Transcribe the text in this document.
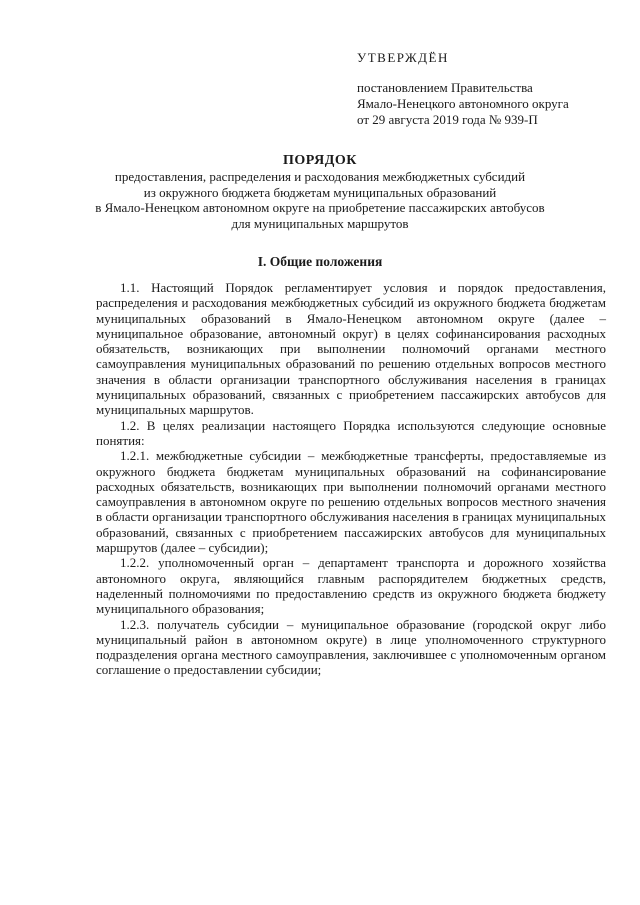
УТВЕРЖДЁН
постановлением Правительства
Ямало-Ненецкого автономного округа
от 29 августа 2019 года № 939-П
ПОРЯДОК
предоставления, распределения и расходования межбюджетных субсидий
из окружного бюджета бюджетам муниципальных образований
в Ямало-Ненецком автономном округе на приобретение пассажирских автобусов
для муниципальных маршрутов
I. Общие положения

1.1. Настоящий Порядок регламентирует условия и порядок предоставления, распределения и расходования межбюджетных субсидий из окружного бюджета бюджетам муниципальных образований в Ямало-Ненецком автономном округе (далее – муниципальное образование, автономный округ) в целях софинансирования расходных обязательств, возникающих при выполнении полномочий органами местного самоуправления муниципальных образований по решению отдельных вопросов местного значения в области организации транспортного обслуживания населения в границах муниципальных образований, связанных с приобретением пассажирских автобусов для муниципальных маршрутов.

1.2. В целях реализации настоящего Порядка используются следующие основные понятия:

1.2.1. межбюджетные субсидии – межбюджетные трансферты, предоставляемые из окружного бюджета бюджетам муниципальных образований на софинансирование расходных обязательств, возникающих при выполнении полномочий органами местного самоуправления в автономном округе по решению отдельных вопросов местного значения в области организации транспортного обслуживания населения в границах муниципальных образований, связанных с приобретением пассажирских автобусов для муниципальных маршрутов (далее – субсидии);

1.2.2. уполномоченный орган – департамент транспорта и дорожного хозяйства автономного округа, являющийся главным распорядителем бюджетных средств, наделенный полномочиями по предоставлению средств из окружного бюджета бюджету муниципального образования;

1.2.3. получатель субсидии – муниципальное образование (городской округ либо муниципальный район в автономном округе) в лице уполномоченного структурного подразделения органа местного самоуправления, заключившее с уполномоченным органом соглашение о предоставлении субсидии;
